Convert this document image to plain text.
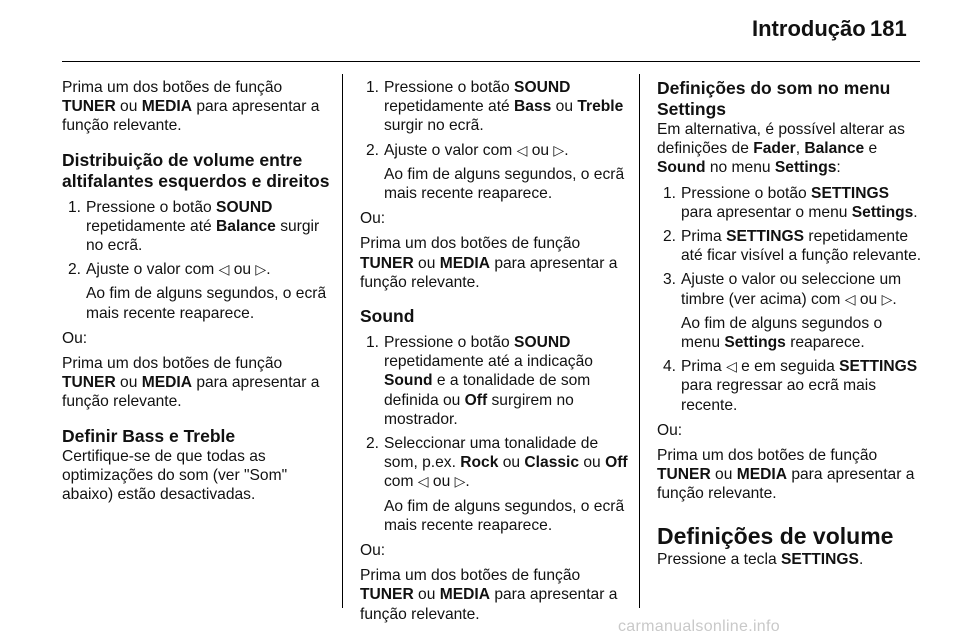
Introdução 181

Prima um dos botões de função TUNER ou MEDIA para apresentar a função relevante.

Distribuição de volume entre altifalantes esquerdos e direitos
1. Pressione o botão SOUND repetidamente até Balance surgir no ecrã.
2. Ajuste o valor com ◁ ou ▷.

Ao fim de alguns segundos, o ecrã mais recente reaparece.

Ou:

Prima um dos botões de função TUNER ou MEDIA para apresentar a função relevante.

Definir Bass e Treble

Certifique-se de que todas as optimizações do som (ver "Som" abaixo) estão desactivadas.

1. Pressione o botão SOUND repetidamente até Bass ou Treble surgir no ecrã.
2. Ajuste o valor com ◁ ou ▷.

Ao fim de alguns segundos, o ecrã mais recente reaparece.

Ou:

Prima um dos botões de função TUNER ou MEDIA para apresentar a função relevante.

Sound
1. Pressione o botão SOUND repetidamente até a indicação Sound e a tonalidade de som definida ou Off surgirem no mostrador.
2. Seleccionar uma tonalidade de som, p.ex. Rock ou Classic ou Off com ◁ ou ▷.

Ao fim de alguns segundos, o ecrã mais recente reaparece.

Ou:

Prima um dos botões de função TUNER ou MEDIA para apresentar a função relevante.

Definições do som no menu Settings

Em alternativa, é possível alterar as definições de Fader, Balance e Sound no menu Settings:

1. Pressione o botão SETTINGS para apresentar o menu Settings.
2. Prima SETTINGS repetidamente até ficar visível a função relevante.
3. Ajuste o valor ou seleccione um timbre (ver acima) com ◁ ou ▷.

Ao fim de alguns segundos o menu Settings reaparece.

4. Prima ◁ e em seguida SETTINGS para regressar ao ecrã mais recente.

Ou:

Prima um dos botões de função TUNER ou MEDIA para apresentar a função relevante.

Definições de volume

Pressione a tecla SETTINGS.

carmanualsonline.info
